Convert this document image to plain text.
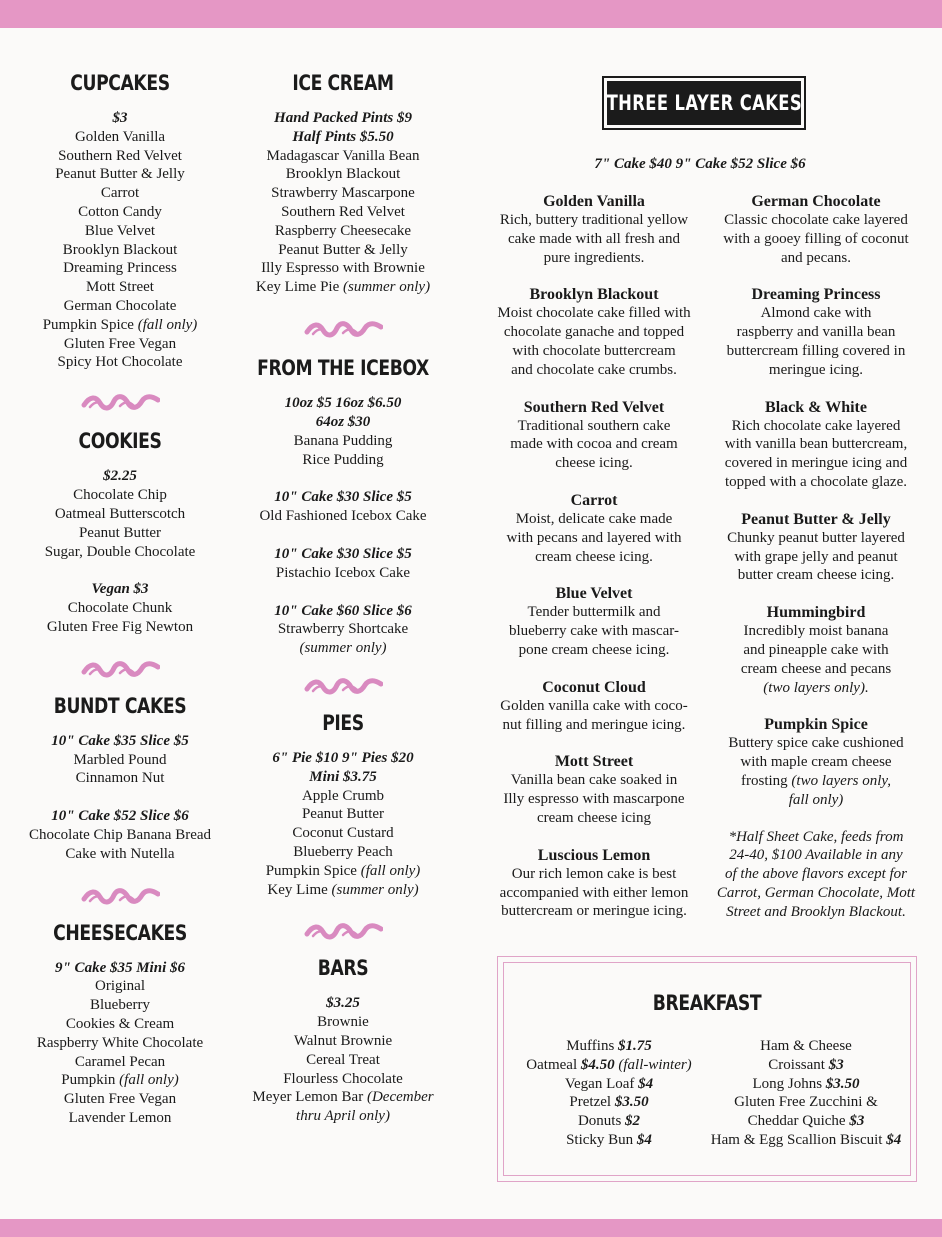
CUPCAKES
$3
Golden Vanilla
Southern Red Velvet
Peanut Butter & Jelly
Carrot
Cotton Candy
Blue Velvet
Brooklyn Blackout
Dreaming Princess
Mott Street
German Chocolate
Pumpkin Spice (fall only)
Gluten Free Vegan
Spicy Hot Chocolate
COOKIES
$2.25
Chocolate Chip
Oatmeal Butterscotch
Peanut Butter
Sugar, Double Chocolate
Vegan $3
Chocolate Chunk
Gluten Free Fig Newton
BUNDT CAKES
10" Cake $35 Slice $5
Marbled Pound
Cinnamon Nut
10" Cake $52 Slice $6
Chocolate Chip Banana Bread
Cake with Nutella
CHEESECAKES
9" Cake $35 Mini $6
Original
Blueberry
Cookies & Cream
Raspberry White Chocolate
Caramel Pecan
Pumpkin (fall only)
Gluten Free Vegan
Lavender Lemon
ICE CREAM
Hand Packed Pints $9
Half Pints $5.50
Madagascar Vanilla Bean
Brooklyn Blackout
Strawberry Mascarpone
Southern Red Velvet
Raspberry Cheesecake
Peanut Butter & Jelly
Illy Espresso with Brownie
Key Lime Pie (summer only)
FROM THE ICEBOX
10oz $5 16oz $6.50
64oz $30
Banana Pudding
Rice Pudding
10" Cake $30 Slice $5
Old Fashioned Icebox Cake
10" Cake $30 Slice $5
Pistachio Icebox Cake
10" Cake $60 Slice $6
Strawberry Shortcake
(summer only)
PIES
6" Pie $10 9" Pies $20
Mini $3.75
Apple Crumb
Peanut Butter
Coconut Custard
Blueberry Peach
Pumpkin Spice (fall only)
Key Lime (summer only)
BARS
$3.25
Brownie
Walnut Brownie
Cereal Treat
Flourless Chocolate
Meyer Lemon Bar (December
thru April only)
THREE LAYER CAKES
7" Cake $40 9" Cake $52 Slice $6
Golden Vanilla
Rich, buttery traditional yellow
cake made with all fresh and
pure ingredients.
Brooklyn Blackout
Moist chocolate cake filled with
chocolate ganache and topped
with chocolate buttercream
and chocolate cake crumbs.
Southern Red Velvet
Traditional southern cake
made with cocoa and cream
cheese icing.
Carrot
Moist, delicate cake made
with pecans and layered with
cream cheese icing.
Blue Velvet
Tender buttermilk and
blueberry cake with mascar-
pone cream cheese icing.
Coconut Cloud
Golden vanilla cake with coco-
nut filling and meringue icing.
Mott Street
Vanilla bean cake soaked in
Illy espresso with mascarpone
cream cheese icing
Luscious Lemon
Our rich lemon cake is best
accompanied with either lemon
buttercream or meringue icing.
German Chocolate
Classic chocolate cake layered
with a gooey filling of coconut
and pecans.
Dreaming Princess
Almond cake with
raspberry and vanilla bean
buttercream filling covered in
meringue icing.
Black & White
Rich chocolate cake layered
with vanilla bean buttercream,
covered in meringue icing and
topped with a chocolate glaze.
Peanut Butter & Jelly
Chunky peanut butter layered
with grape jelly and peanut
butter cream cheese icing.
Hummingbird
Incredibly moist banana
and pineapple cake with
cream cheese and pecans
(two layers only).
Pumpkin Spice
Buttery spice cake cushioned
with maple cream cheese
frosting (two layers only,
fall only)
*Half Sheet Cake, feeds from
24-40, $100 Available in any
of the above flavors except for
Carrot, German Chocolate, Mott
Street and Brooklyn Blackout.
BREAKFAST
Muffins $1.75
Oatmeal $4.50 (fall-winter)
Vegan Loaf $4
Pretzel $3.50
Donuts $2
Sticky Bun $4
Ham & Cheese
Croissant $3
Long Johns $3.50
Gluten Free Zucchini &
Cheddar Quiche $3
Ham & Egg Scallion Biscuit $4
